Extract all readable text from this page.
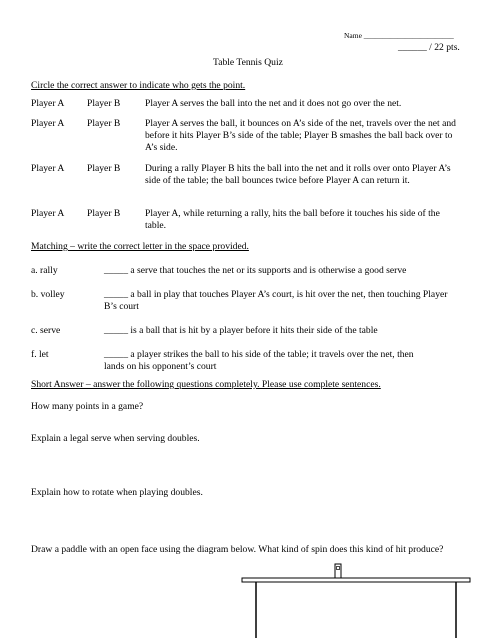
Name ________________________
______ / 22 pts.
Table Tennis Quiz
Circle the correct answer to indicate who gets the point.
Player A Player B	Player A serves the ball into the net and it does not go over the net.
Player A Player B	Player A serves the ball, it bounces on A’s side of the net, travels over the net and before it hits Player B’s side of the table; Player B smashes the ball back over to A’s side.
Player A Player B	During a rally Player B hits the ball into the net and it rolls over onto Player A’s side of the table; the ball bounces twice before Player A can return it.
Player A Player B	Player A, while returning a rally, hits the ball before it touches his side of the table.
Matching – write the correct letter in the space provided.
a. rally	_____ a serve that touches the net or its supports and is otherwise a good serve
b. volley	_____ a ball in play that touches Player A’s court, is hit over the net, then touching Player B’s court
c. serve	_____ is a ball that is hit by a player before it hits their side of the table
f. let	_____ a player strikes the ball to his side of the table; it travels over the net, then lands on his opponent’s court
Short Answer – answer the following questions completely. Please use complete sentences.
How many points in a game?
Explain a legal serve when serving doubles.
Explain how to rotate when playing doubles.
Draw a paddle with an open face using the diagram below. What kind of spin does this kind of hit produce?
